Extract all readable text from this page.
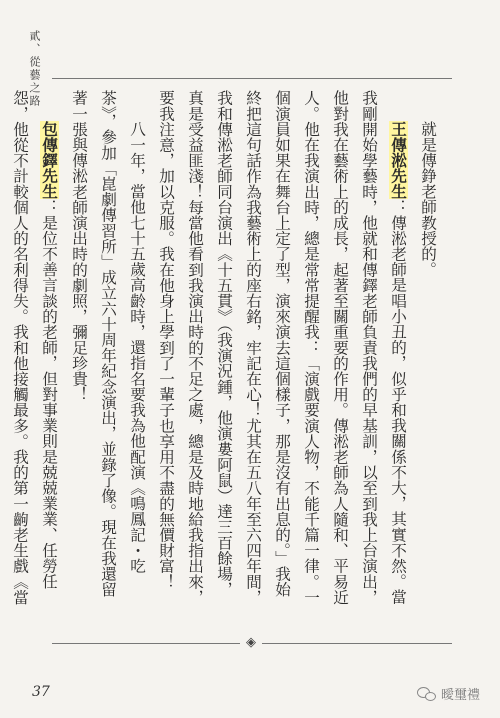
貳、從藝之路

就是傳錚老師教授的。

王傳淞先生：傳淞老師是唱小丑的，似乎和我關係不大，其實不然。當我剛開始學藝時，他就和傳鐸老師負責我們的早基訓，以至到我上台演出，他對我在藝術上的成長，起著至關重要的作用。傳淞老師為人隨和、平易近人。他在我演出時，總是常常提醒我：「演戲要演人物，不能千篇一律。一個演員如果在舞台上定了型，演來演去這個樣子，那是沒有出息的。」我始終把這句話作為我藝術上的座右銘，牢記在心！尤其在五八年至六四年間，我和傳淞老師同台演出《十五貫》（我演況鍾，他演婁阿鼠）達三百餘場，真是受益匪淺！每當他看到我演出時的不足之處，總是及時地給我指出來，要我注意，加以克服。我在他身上學到了一輩子也享用不盡的無價財富！

八一年，當他七十五歲高齡時，還指名要我為他配演《鳴鳳記・吃茶》，參加「崑劇傳習所」成立六十周年紀念演出，並錄了像。現在我還留著一張與傳淞老師演出時的劇照，彌足珍貴！

包傳鐸先生：是位不善言談的老師，但對事業則是兢兢業業、任勞任怨，他從不計較個人的名利得失。我和他接觸最多。我的第一齣老生戲《當

◈
37	曖璽禮
